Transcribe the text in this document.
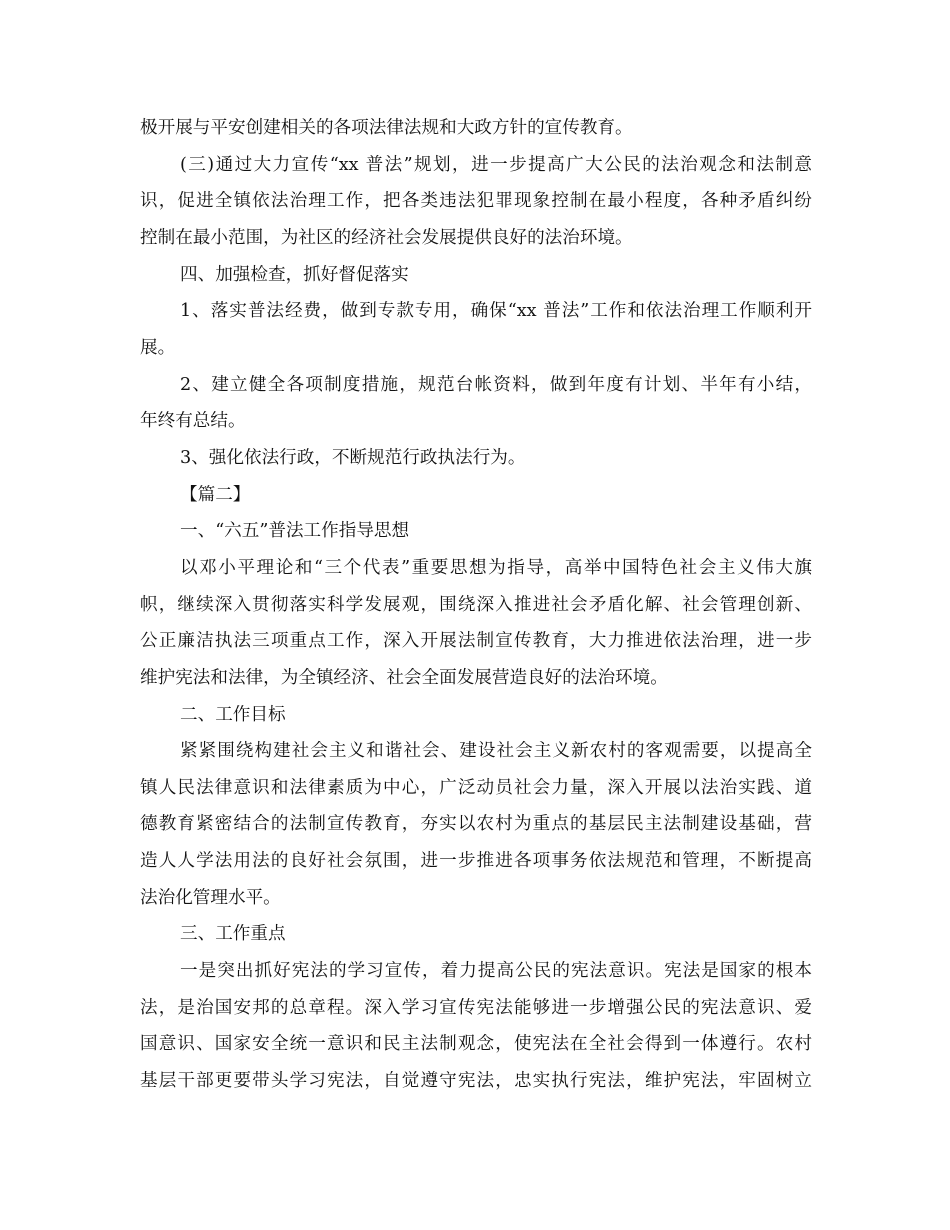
极开展与平安创建相关的各项法律法规和大政方针的宣传教育。
(三)通过大力宣传“xx 普法”规划，进一步提高广大公民的法治观念和法制意
识，促进全镇依法治理工作，把各类违法犯罪现象控制在最小程度，各种矛盾纠纷
控制在最小范围，为社区的经济社会发展提供良好的法治环境。
四、加强检查，抓好督促落实
1、落实普法经费，做到专款专用，确保“xx 普法”工作和依法治理工作顺利开
展。
2、建立健全各项制度措施，规范台帐资料，做到年度有计划、半年有小结，
年终有总结。
3、强化依法行政，不断规范行政执法行为。
【篇二】
一、“六五”普法工作指导思想
以邓小平理论和“三个代表”重要思想为指导，高举中国特色社会主义伟大旗
帜，继续深入贯彻落实科学发展观，围绕深入推进社会矛盾化解、社会管理创新、
公正廉洁执法三项重点工作，深入开展法制宣传教育，大力推进依法治理，进一步
维护宪法和法律，为全镇经济、社会全面发展营造良好的法治环境。
二、工作目标
紧紧围绕构建社会主义和谐社会、建设社会主义新农村的客观需要，以提高全
镇人民法律意识和法律素质为中心，广泛动员社会力量，深入开展以法治实践、道
德教育紧密结合的法制宣传教育，夯实以农村为重点的基层民主法制建设基础，营
造人人学法用法的良好社会氛围，进一步推进各项事务依法规范和管理，不断提高
法治化管理水平。
三、工作重点
一是突出抓好宪法的学习宣传，着力提高公民的宪法意识。宪法是国家的根本
法，是治国安邦的总章程。深入学习宣传宪法能够进一步增强公民的宪法意识、爱
国意识、国家安全统一意识和民主法制观念，使宪法在全社会得到一体遵行。农村
基层干部更要带头学习宪法，自觉遵守宪法，忠实执行宪法，维护宪法，牢固树立
